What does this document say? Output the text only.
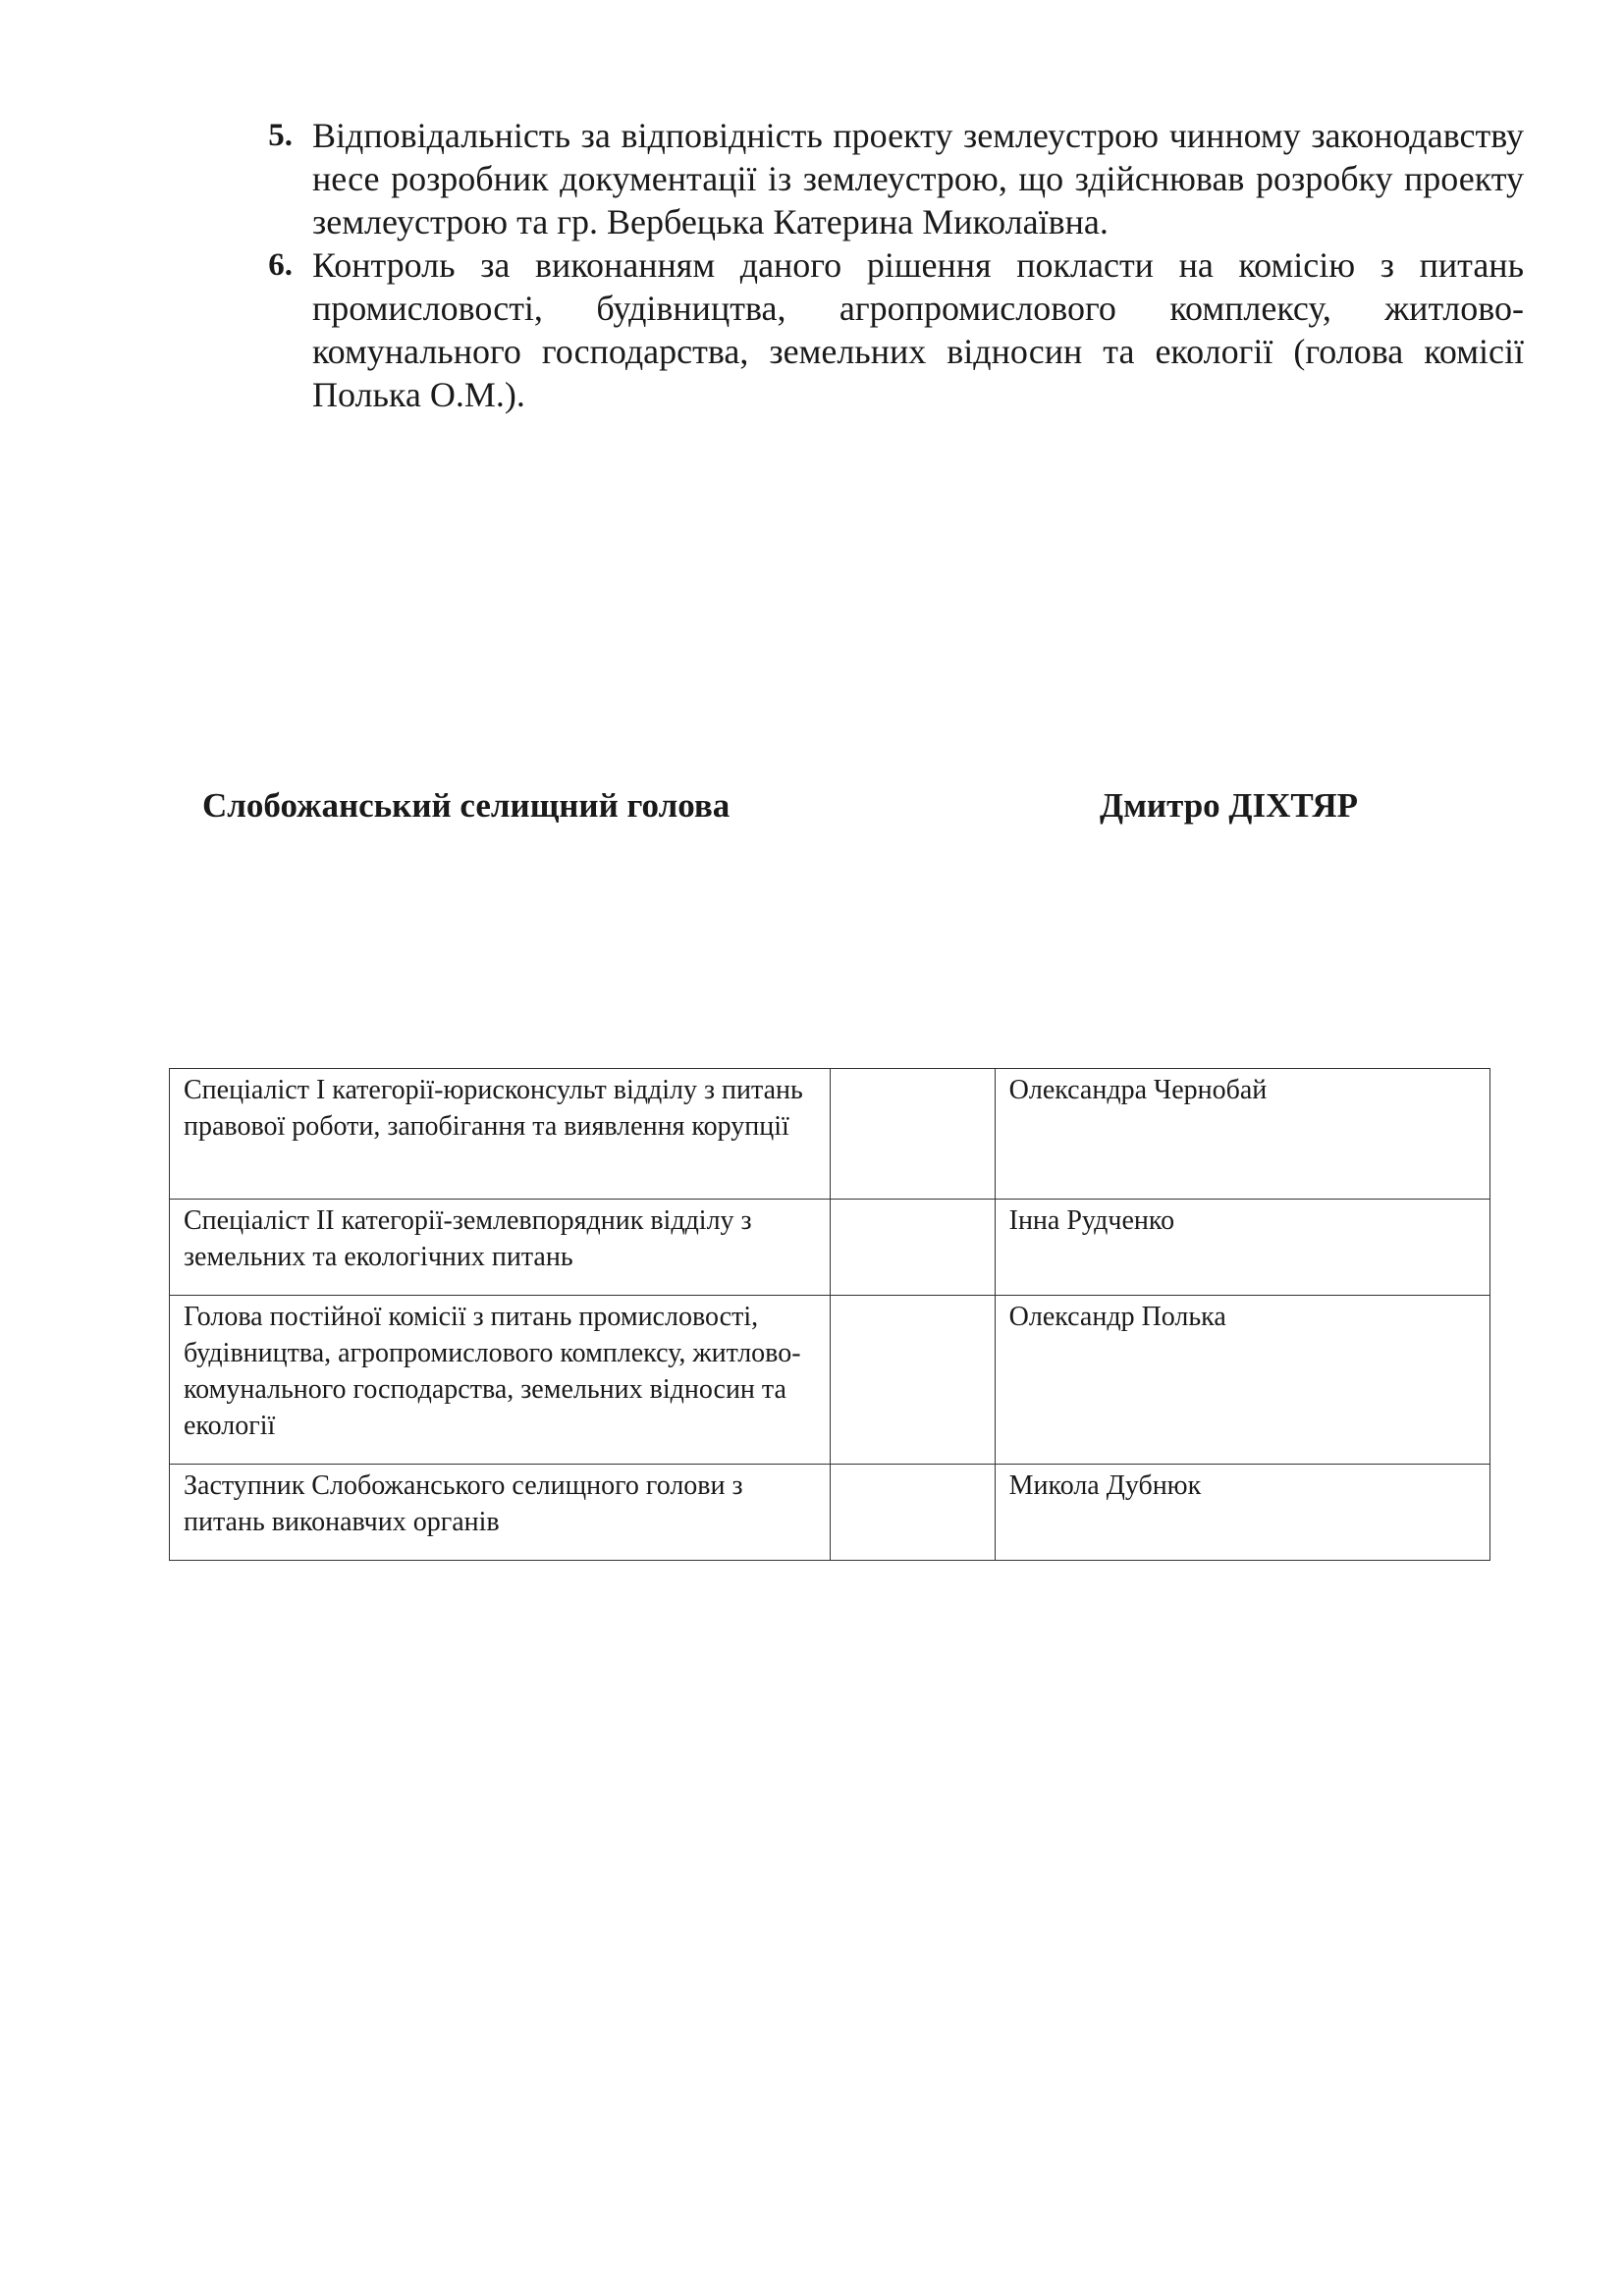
5. Відповідальність за відповідність проекту землеустрою чинному законодавству несе розробник документації із землеустрою, що здійснював розробку проекту землеустрою та гр. Вербецька Катерина Миколаївна.
6. Контроль за виконанням даного рішення покласти на комісію з питань промисловості, будівництва, агропромислового комплексу, житлово-комунального господарства, земельних відносин та екології (голова комісії Полька О.М.).
Слобожанський селищний голова	Дмитро ДІХТЯР
Спеціаліст І категорії-юрисконсульт відділу з питань правової роботи, запобігання та виявлення корупції		Олександра Чернобай
Спеціаліст ІІ категорії-землевпорядник відділу з земельних та екологічних питань		Інна Рудченко
Голова постійної комісії з питань промисловості, будівництва, агропромислового комплексу, житлово-комунального господарства, земельних відносин та екології		Олександр Полька
Заступник Слобожанського селищного голови з питань виконавчих органів		Микола Дубнюк
